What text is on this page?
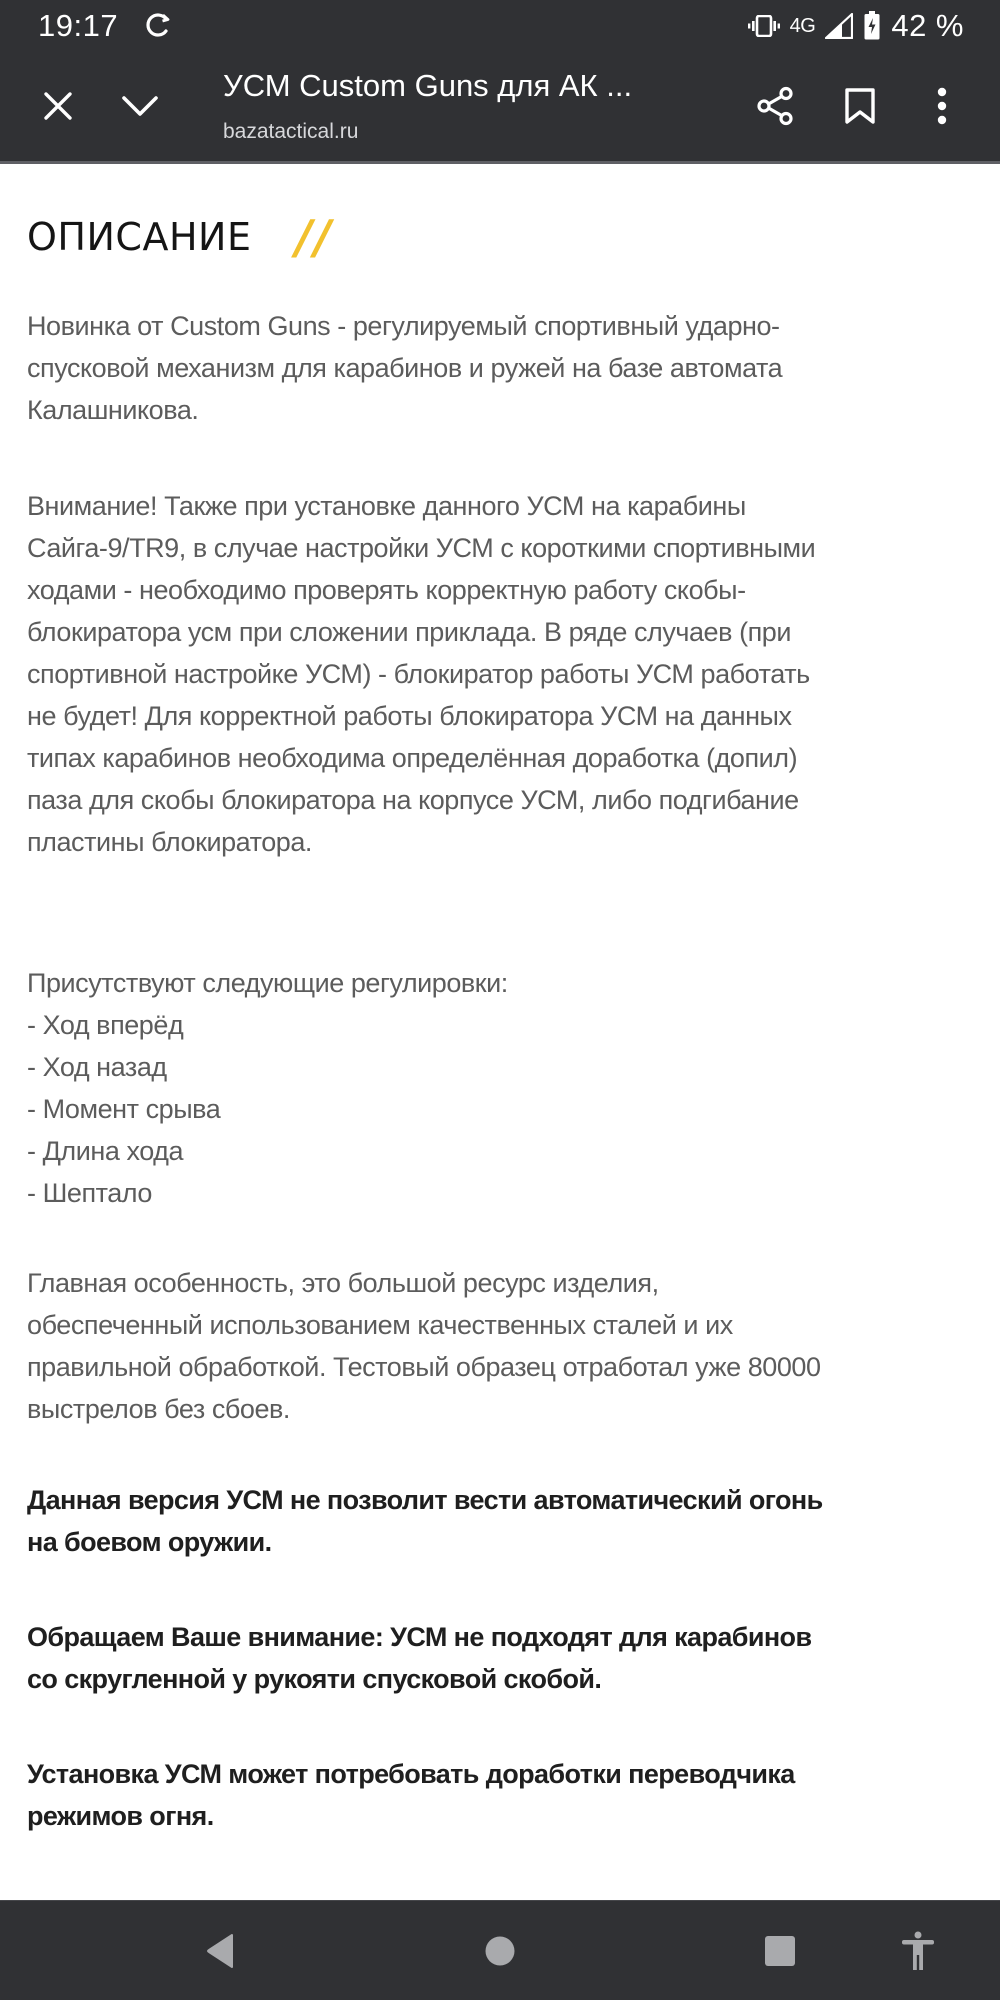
19:17	4G 42 %
УСМ Custom Guns для АК ...
bazatactical.ru
ОПИСАНИЕ //

Новинка от Custom Guns - регулируемый спортивный ударно-спусковой механизм для карабинов и ружей на базе автомата Калашникова.

Внимание! Также при установке данного УСМ на карабины Сайга-9/TR9, в случае настройки УСМ с короткими спортивными ходами - необходимо проверять корректную работу скобы-блокиратора усм при сложении приклада. В ряде случаев (при спортивной настройке УСМ) - блокиратор работы УСМ работать не будет! Для корректной работы блокиратора УСМ на данных типах карабинов необходима определённая доработка (допил) паза для скобы блокиратора на корпусе УСМ, либо подгибание пластины блокиратора.

Присутствуют следующие регулировки:
- Ход вперёд
- Ход назад
- Момент срыва
- Длина хода
- Шептало

Главная особенность, это большой ресурс изделия, обеспеченный использованием качественных сталей и их правильной обработкой. Тестовый образец отработал уже 80000 выстрелов без сбоев.

Данная версия УСМ не позволит вести автоматический огонь на боевом оружии.

Обращаем Ваше внимание: УСМ не подходят для карабинов со скругленной у рукояти спусковой скобой.

Установка УСМ может потребовать доработки переводчика режимов огня.
